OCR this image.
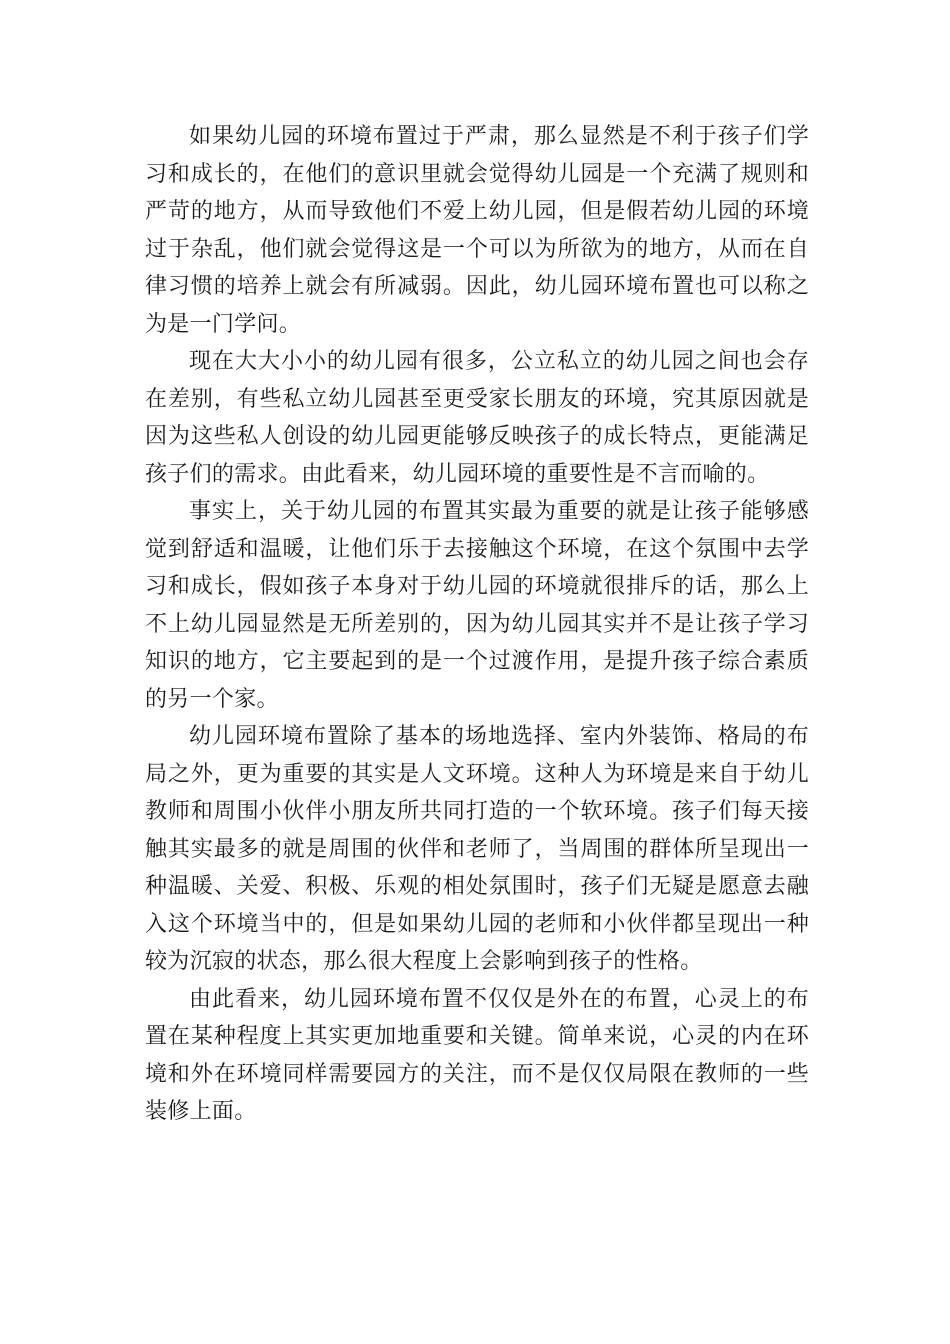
如果幼儿园的环境布置过于严肃，那么显然是不利于孩子们学习和成长的，在他们的意识里就会觉得幼儿园是一个充满了规则和严苛的地方，从而导致他们不爱上幼儿园，但是假若幼儿园的环境过于杂乱，他们就会觉得这是一个可以为所欲为的地方，从而在自律习惯的培养上就会有所减弱。因此，幼儿园环境布置也可以称之为是一门学问。

现在大大小小的幼儿园有很多，公立私立的幼儿园之间也会存在差别，有些私立幼儿园甚至更受家长朋友的环境，究其原因就是因为这些私人创设的幼儿园更能够反映孩子的成长特点，更能满足孩子们的需求。由此看来，幼儿园环境的重要性是不言而喻的。

事实上，关于幼儿园的布置其实最为重要的就是让孩子能够感觉到舒适和温暖，让他们乐于去接触这个环境，在这个氛围中去学习和成长，假如孩子本身对于幼儿园的环境就很排斥的话，那么上不上幼儿园显然是无所差别的，因为幼儿园其实并不是让孩子学习知识的地方，它主要起到的是一个过渡作用，是提升孩子综合素质的另一个家。

幼儿园环境布置除了基本的场地选择、室内外装饰、格局的布局之外，更为重要的其实是人文环境。这种人为环境是来自于幼儿教师和周围小伙伴小朋友所共同打造的一个软环境。孩子们每天接触其实最多的就是周围的伙伴和老师了，当周围的群体所呈现出一种温暖、关爱、积极、乐观的相处氛围时，孩子们无疑是愿意去融入这个环境当中的，但是如果幼儿园的老师和小伙伴都呈现出一种较为沉寂的状态，那么很大程度上会影响到孩子的性格。

由此看来，幼儿园环境布置不仅仅是外在的布置，心灵上的布置在某种程度上其实更加地重要和关键。简单来说，心灵的内在环境和外在环境同样需要园方的关注，而不是仅仅局限在教师的一些装修上面。
